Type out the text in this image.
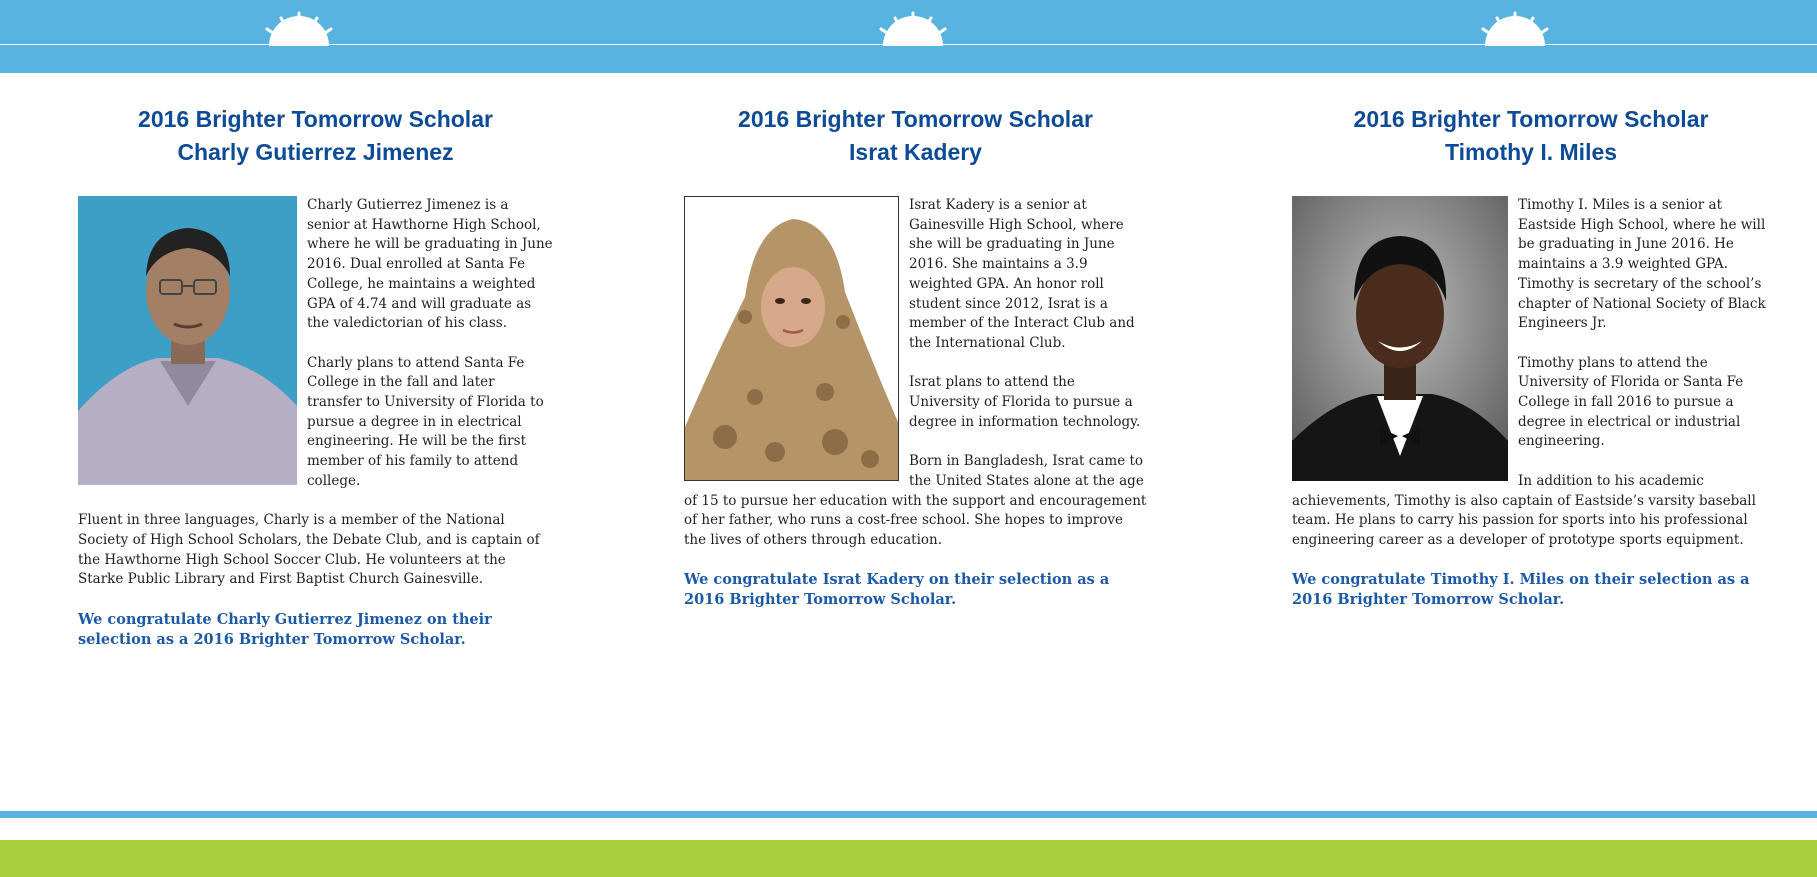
2016 Brighter Tomorrow Scholar
Charly Gutierrez Jimenez

Charly Gutierrez Jimenez is a senior at Hawthorne High School, where he will be graduating in June 2016. Dual enrolled at Santa Fe College, he maintains a weighted GPA of 4.74 and will graduate as the valedictorian of his class.

Charly plans to attend Santa Fe College in the fall and later transfer to University of Florida to pursue a degree in in electrical engineering. He will be the first member of his family to attend college.

Fluent in three languages, Charly is a member of the National Society of High School Scholars, the Debate Club, and is captain of the Hawthorne High School Soccer Club. He volunteers at the Starke Public Library and First Baptist Church Gainesville.

We congratulate Charly Gutierrez Jimenez on their selection as a 2016 Brighter Tomorrow Scholar.

2016 Brighter Tomorrow Scholar
Israt Kadery

Israt Kadery is a senior at Gainesville High School, where she will be graduating in June 2016. She maintains a 3.9 weighted GPA. An honor roll student since 2012, Israt is a member of the Interact Club and the International Club.

Israt plans to attend the University of Florida to pursue a degree in information technology.

Born in Bangladesh, Israt came to the United States alone at the age of 15 to pursue her education with the support and encouragement of her father, who runs a cost-free school. She hopes to improve the lives of others through education.

We congratulate Israt Kadery on their selection as a 2016 Brighter Tomorrow Scholar.

2016 Brighter Tomorrow Scholar
Timothy I. Miles

Timothy I. Miles is a senior at Eastside High School, where he will be graduating in June 2016. He maintains a 3.9 weighted GPA. Timothy is secretary of the school’s chapter of National Society of Black Engineers Jr.

Timothy plans to attend the University of Florida or Santa Fe College in fall 2016 to pursue a degree in electrical or industrial engineering.

In addition to his academic achievements, Timothy is also captain of Eastside’s varsity baseball team. He plans to carry his passion for sports into his professional engineering career as a developer of prototype sports equipment.

We congratulate Timothy I. Miles on their selection as a 2016 Brighter Tomorrow Scholar.
